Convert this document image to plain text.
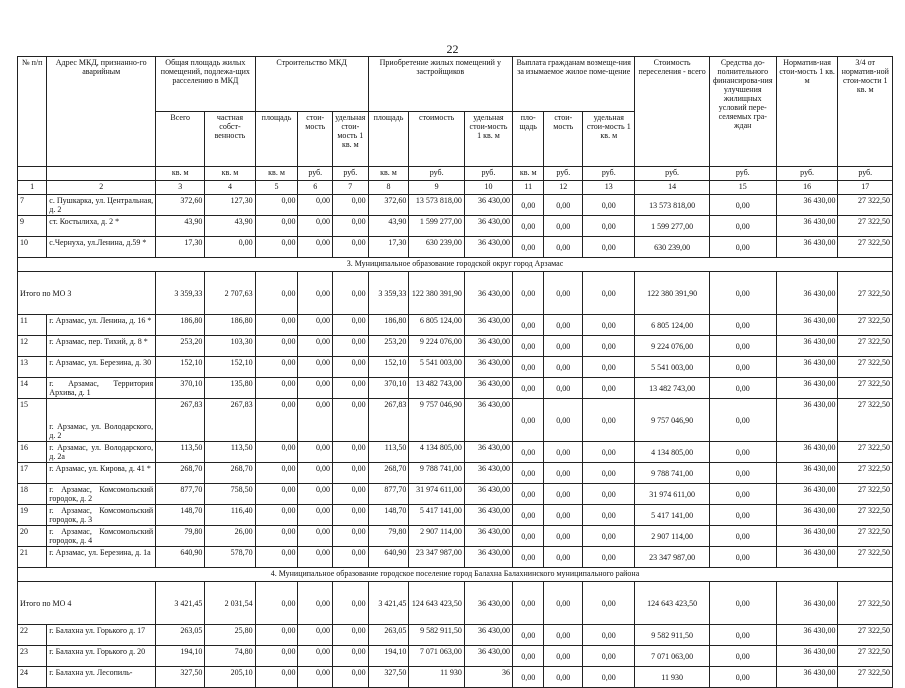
22
№ п/п	Адрес МКД, признанно-го аварийным	Общая площадь жилых помещений, подлежа-щих расселению в МКД		Строительство МКД			Приобретение жилых помещений у застройщиков			Выплата гражданам возмеще-ния за изымаемое жилое поме-щение			Стоимость переселения - всего	Средства до-полнительного финансирова-ния улучшения жилищных условий пере-селяемых гра-ждан	Норматив-ная стои-мость 1 кв. м	3/4 от норматив-ной стои-мости 1 кв. м
		Всего	частная собст-венность	площадь	стои-мость	удельная стои-мость 1 кв. м	площадь	стоимость	удельная стои-мость 1 кв. м	пло-щадь	стои-мость	удельная стои-мость 1 кв. м				
		кв. м	кв. м	кв. м	руб.	руб.	кв. м	руб.	руб.	кв. м	руб.	руб.	руб.	руб.	руб.	руб.
1	2	3	4	5	6	7	8	9	10	11	12	13	14	15	16	17
7	с. Пушкарка, ул. Центральная, д. 2	372,60	127,30	0,00	0,00	0,00	372,60	13 573 818,00	36 430,00	0,00	0,00	0,00	13 573 818,00	0,00	36 430,00	27 322,50
9	ст. Костылиха, д. 2 *	43,90	43,90	0,00	0,00	0,00	43,90	1 599 277,00	36 430,00	0,00	0,00	0,00	1 599 277,00	0,00	36 430,00	27 322,50
10	с.Чернуха, ул.Ленина, д.59 *	17,30	0,00	0,00	0,00	0,00	17,30	630 239,00	36 430,00	0,00	0,00	0,00	630 239,00	0,00	36 430,00	27 322,50
3. Муниципальное образование городской округ город Арзамас																
Итого по МО 3		3 359,33	2 707,63	0,00	0,00	0,00	3 359,33	122 380 391,90	36 430,00	0,00	0,00	0,00	122 380 391,90	0,00	36 430,00	27 322,50
11	г. Арзамас, ул. Ленина, д. 16 *	186,80	186,80	0,00	0,00	0,00	186,80	6 805 124,00	36 430,00	0,00	0,00	0,00	6 805 124,00	0,00	36 430,00	27 322,50
12	г. Арзамас, пер. Тихий, д. 8 *	253,20	103,30	0,00	0,00	0,00	253,20	9 224 076,00	36 430,00	0,00	0,00	0,00	9 224 076,00	0,00	36 430,00	27 322,50
13	г. Арзамас, ул. Березина, д. 30	152,10	152,10	0,00	0,00	0,00	152,10	5 541 003,00	36 430,00	0,00	0,00	0,00	5 541 003,00	0,00	36 430,00	27 322,50
14	г. Арзамас, Территория Архива, д. 1	370,10	135,80	0,00	0,00	0,00	370,10	13 482 743,00	36 430,00	0,00	0,00	0,00	13 482 743,00	0,00	36 430,00	27 322,50
15	г. Арзамас, ул. Володарского, д. 2	267,83	267,83	0,00	0,00	0,00	267,83	9 757 046,90	36 430,00	0,00	0,00	0,00	9 757 046,90	0,00	36 430,00	27 322,50
16	г. Арзамас, ул. Володарского, д. 2а	113,50	113,50	0,00	0,00	0,00	113,50	4 134 805,00	36 430,00	0,00	0,00	0,00	4 134 805,00	0,00	36 430,00	27 322,50
17	г. Арзамас, ул. Кирова, д. 41 *	268,70	268,70	0,00	0,00	0,00	268,70	9 788 741,00	36 430,00	0,00	0,00	0,00	9 788 741,00	0,00	36 430,00	27 322,50
18	г. Арзамас, Комсомольский городок, д. 2	877,70	758,50	0,00	0,00	0,00	877,70	31 974 611,00	36 430,00	0,00	0,00	0,00	31 974 611,00	0,00	36 430,00	27 322,50
19	г. Арзамас, Комсомольский городок, д. 3	148,70	116,40	0,00	0,00	0,00	148,70	5 417 141,00	36 430,00	0,00	0,00	0,00	5 417 141,00	0,00	36 430,00	27 322,50
20	г. Арзамас, Комсомольский городок, д. 4	79,80	26,00	0,00	0,00	0,00	79,80	2 907 114,00	36 430,00	0,00	0,00	0,00	2 907 114,00	0,00	36 430,00	27 322,50
21	г. Арзамас, ул. Березина, д. 1а	640,90	578,70	0,00	0,00	0,00	640,90	23 347 987,00	36 430,00	0,00	0,00	0,00	23 347 987,00	0,00	36 430,00	27 322,50
4. Муниципальное образование городское поселение город Балахна Балахнинского муниципального района																
Итого по МО 4		3 421,45	2 031,54	0,00	0,00	0,00	3 421,45	124 643 423,50	36 430,00	0,00	0,00	0,00	124 643 423,50	0,00	36 430,00	27 322,50
22	г. Балахна ул. Горького д. 17	263,05	25,80	0,00	0,00	0,00	263,05	9 582 911,50	36 430,00	0,00	0,00	0,00	9 582 911,50	0,00	36 430,00	27 322,50
23	г. Балахна ул. Горького д. 20	194,10	74,80	0,00	0,00	0,00	194,10	7 071 063,00	36 430,00	0,00	0,00	0,00	7 071 063,00	0,00	36 430,00	27 322,50
24	г. Балахна ул. Лесопиль-	327,50	205,10	0,00	0,00	0,00	327,50	11 930	36	0,00	0,00	0,00	11 930	0,00	36 430,00	27 322,50
